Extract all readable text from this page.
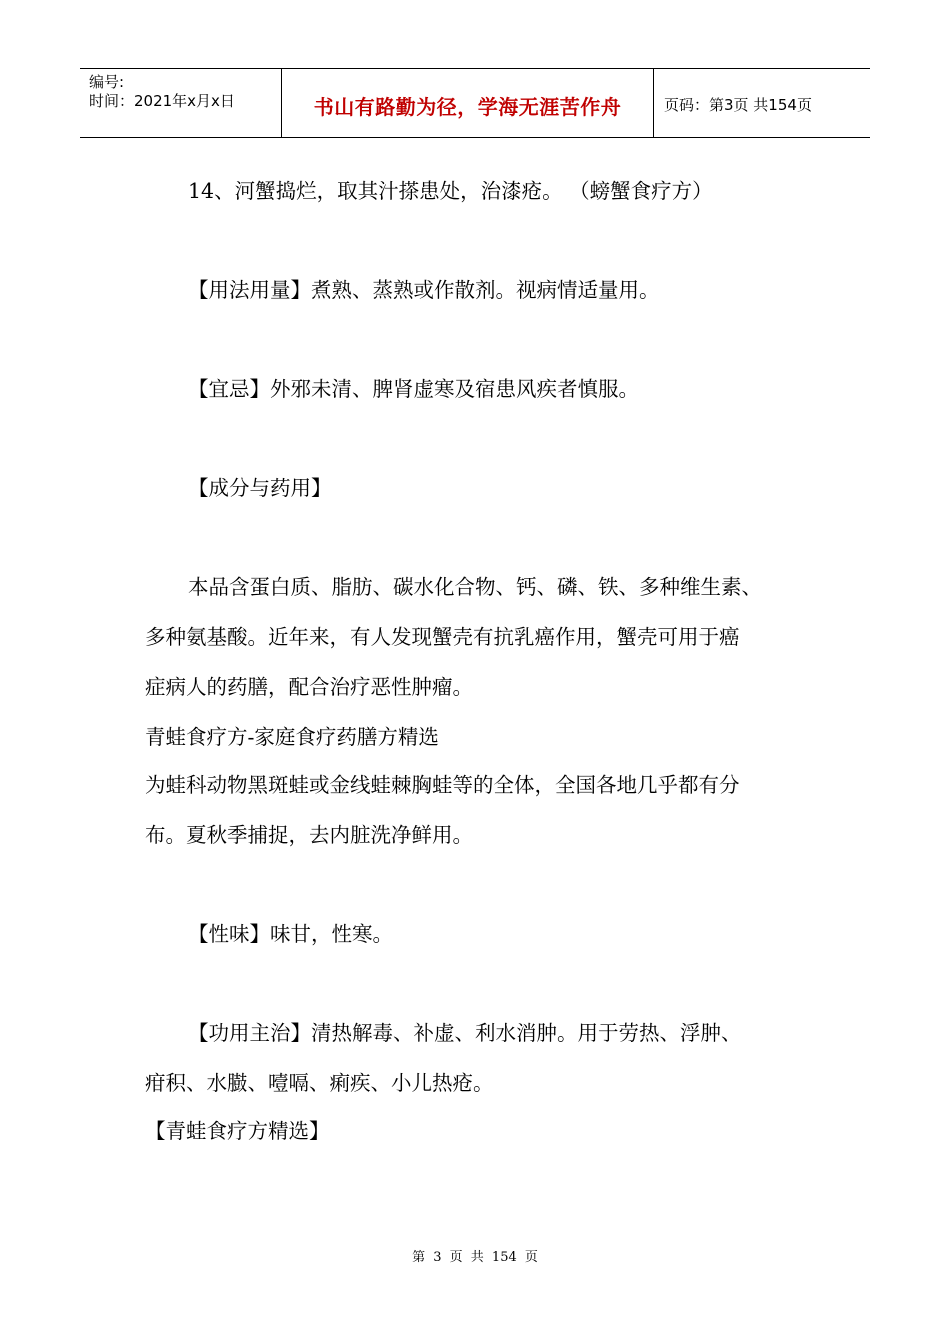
编号:
时间：2021年x月x日	书山有路勤为径，学海无涯苦作舟	页码：第3页 共154页

14、河蟹捣烂，取其汁搽患处，治漆疮。 （螃蟹食疗方）

【用法用量】煮熟、蒸熟或作散剂。视病情适量用。

【宜忌】外邪未清、脾肾虚寒及宿患风疾者慎服。

【成分与药用】

本品含蛋白质、脂肪、碳水化合物、钙、磷、铁、多种维生素、

多种氨基酸。近年来，有人发现蟹壳有抗乳癌作用，蟹壳可用于癌

症病人的药膳，配合治疗恶性肿瘤。

青蛙食疗方-家庭食疗药膳方精选

为蛙科动物黑斑蛙或金线蛙棘胸蛙等的全体，全国各地几乎都有分

布。夏秋季捕捉，去内脏洗净鲜用。

【性味】味甘，性寒。

【功用主治】清热解毒、补虚、利水消肿。用于劳热、浮肿、

疳积、水臌、噎嗝、痢疾、小儿热疮。

【青蛙食疗方精选】

第 3 页 共 154 页
